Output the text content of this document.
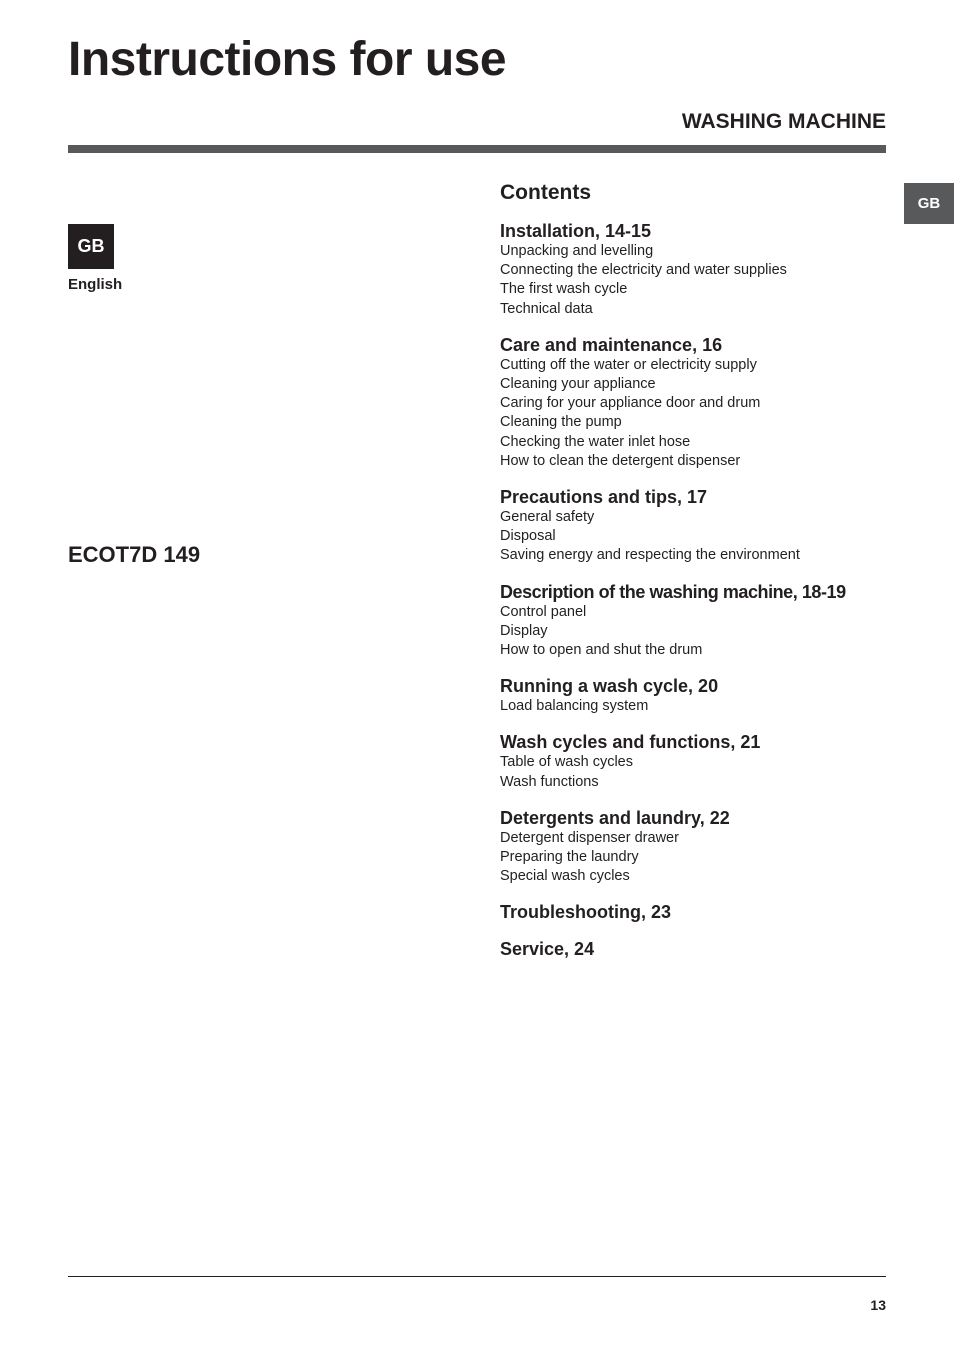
Instructions for use
WASHING MACHINE
GB
English
ECOT7D 149
GB
Contents
Installation, 14-15
Unpacking and levelling
Connecting the electricity and water supplies
The first wash cycle
Technical data
Care and maintenance, 16
Cutting off the water or electricity supply
Cleaning your appliance
Caring for your appliance door and drum
Cleaning the pump
Checking the water inlet hose
How to clean the detergent dispenser
Precautions and tips, 17
General safety
Disposal
Saving energy and respecting the environment
Description of the washing machine, 18-19
Control panel
Display
How to open and shut the drum
Running a wash cycle, 20
Load balancing system
Wash cycles and functions, 21
Table of wash cycles
Wash functions
Detergents and laundry, 22
Detergent dispenser drawer
Preparing the laundry
Special wash cycles
Troubleshooting, 23
Service, 24
13
